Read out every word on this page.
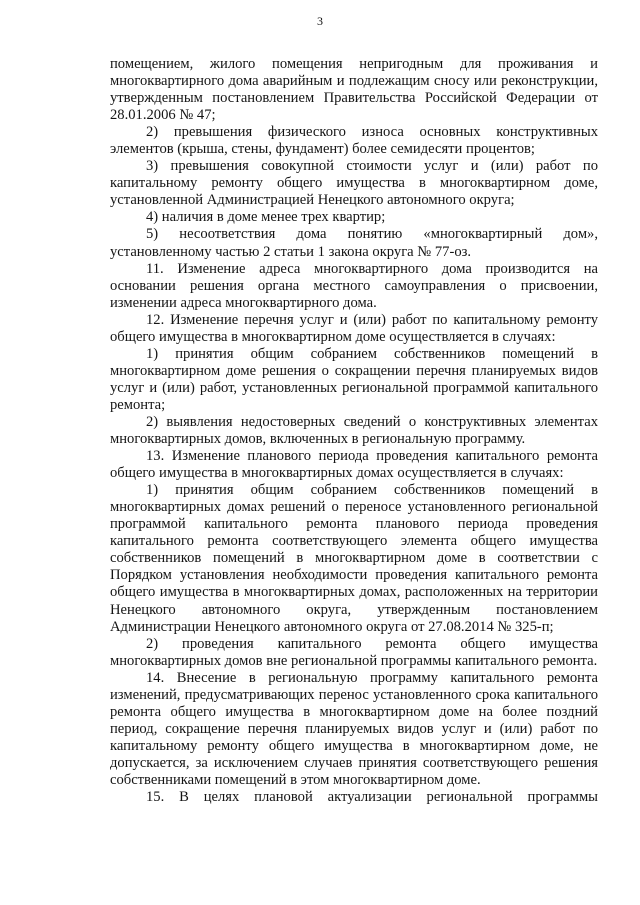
3

помещением, жилого помещения непригодным для проживания и многоквартирного дома аварийным и подлежащим сносу или реконструкции, утвержденным постановлением Правительства Российской Федерации от 28.01.2006 № 47;

2) превышения физического износа основных конструктивных элементов (крыша, стены, фундамент) более семидесяти процентов;

3) превышения совокупной стоимости услуг и (или) работ по капитальному ремонту общего имущества в многоквартирном доме, установленной Администрацией Ненецкого автономного округа;

4) наличия в доме менее трех квартир;

5) несоответствия дома понятию «многоквартирный дом», установленному частью 2 статьи 1 закона округа № 77-оз.

11. Изменение адреса многоквартирного дома производится на основании решения органа местного самоуправления о присвоении, изменении адреса многоквартирного дома.

12. Изменение перечня услуг и (или) работ по капитальному ремонту общего имущества в многоквартирном доме осуществляется в случаях:

1) принятия общим собранием собственников помещений в многоквартирном доме решения о сокращении перечня планируемых видов услуг и (или) работ, установленных региональной программой капитального ремонта;

2) выявления недостоверных сведений о конструктивных элементах многоквартирных домов, включенных в региональную программу.

13. Изменение планового периода проведения капитального ремонта общего имущества в многоквартирных домах осуществляется в случаях:

1) принятия общим собранием собственников помещений в многоквартирных домах решений о переносе установленного региональной программой капитального ремонта планового периода проведения капитального ремонта соответствующего элемента общего имущества собственников помещений в многоквартирном доме в соответствии с Порядком установления необходимости проведения капитального ремонта общего имущества в многоквартирных домах, расположенных на территории Ненецкого автономного округа, утвержденным постановлением Администрации Ненецкого автономного округа от 27.08.2014 № 325-п;

2) проведения капитального ремонта общего имущества многоквартирных домов вне региональной программы капитального ремонта.

14. Внесение в региональную программу капитального ремонта изменений, предусматривающих перенос установленного срока капитального ремонта общего имущества в многоквартирном доме на более поздний период, сокращение перечня планируемых видов услуг и (или) работ по капитальному ремонту общего имущества в многоквартирном доме, не допускается, за исключением случаев принятия соответствующего решения собственниками помещений в этом многоквартирном доме.

15. В целях плановой актуализации региональной программы
